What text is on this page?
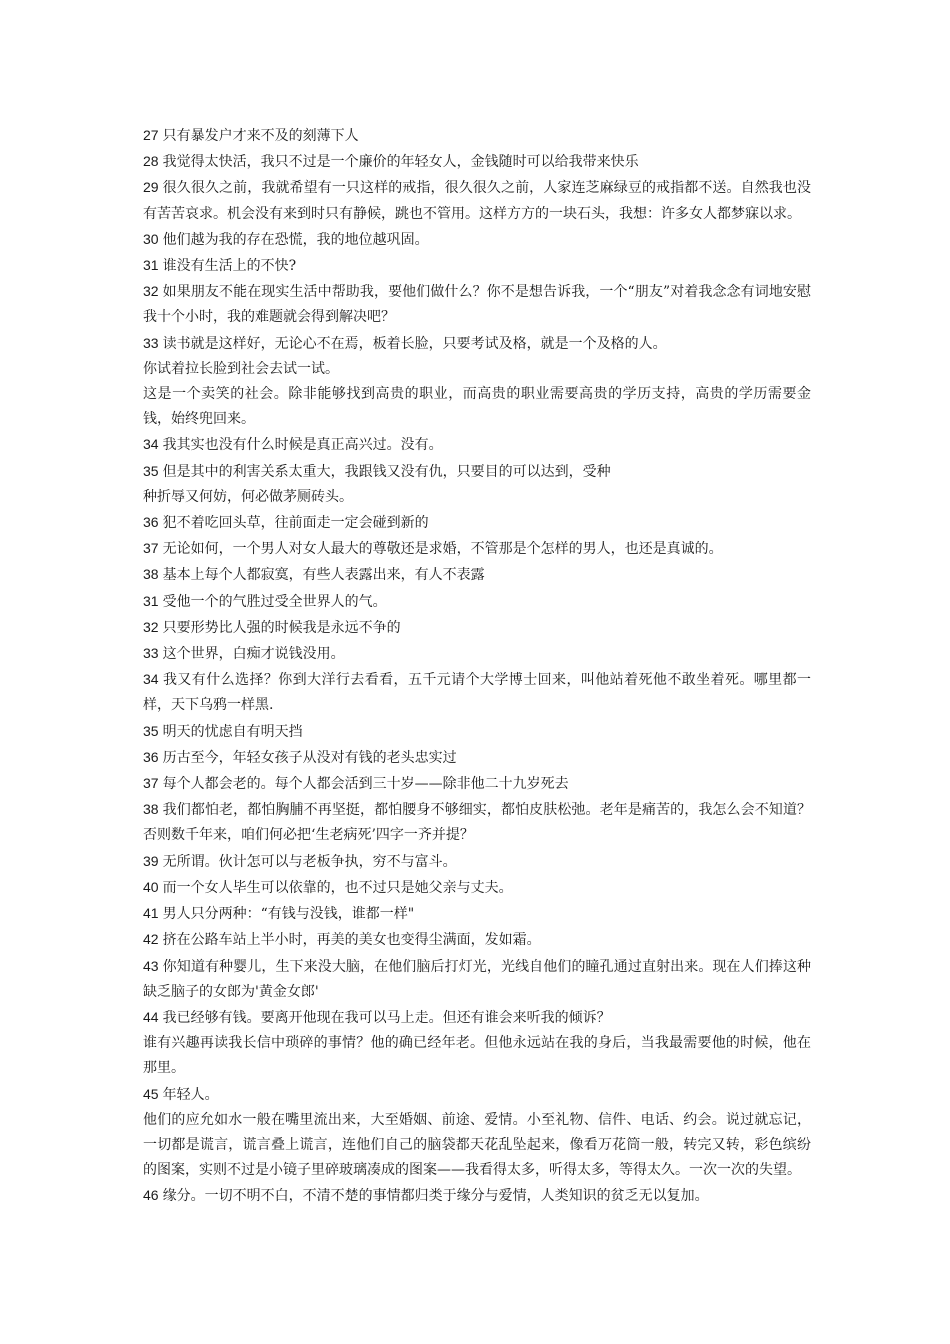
27 只有暴发户才来不及的刻薄下人

28 我觉得太快活，我只不过是一个廉价的年轻女人，金钱随时可以给我带来快乐

29 很久很久之前，我就希望有一只这样的戒指，很久很久之前，人家连芝麻绿豆的戒指都不送。自然我也没有苦苦哀求。机会没有来到时只有静候，跳也不管用。这样方方的一块石头，我想：许多女人都梦寐以求。

30 他们越为我的存在恐慌，我的地位越巩固。

31 谁没有生活上的不快?

32 如果朋友不能在现实生活中帮助我，要他们做什么？你不是想告诉我，一个“朋友”对着我念念有词地安慰我十个小时，我的难题就会得到解决吧？

33 读书就是这样好，无论心不在焉，板着长脸，只要考试及格，就是一个及格的人。

你试着拉长脸到社会去试一试。

这是一个卖笑的社会。除非能够找到高贵的职业，而高贵的职业需要高贵的学历支持，高贵的学历需要金钱，始终兜回来。

34 我其实也没有什么时候是真正高兴过。没有。

35 但是其中的利害关系太重大，我跟钱又没有仇，只要目的可以达到，受种

种折辱又何妨，何必做茅厕砖头。

36 犯不着吃回头草，往前面走一定会碰到新的

37 无论如何，一个男人对女人最大的尊敬还是求婚，不管那是个怎样的男人，也还是真诚的。

38 基本上每个人都寂寞，有些人表露出来，有人不表露

31 受他一个的气胜过受全世界人的气。

32 只要形势比人强的时候我是永远不争的

33 这个世界，白痴才说钱没用。

34 我又有什么选择？你到大洋行去看看，五千元请个大学博士回来，叫他站着死他不敢坐着死。哪里都一样，天下乌鸦一样黑.

35 明天的忧虑自有明天挡

36 历古至今，年轻女孩子从没对有钱的老头忠实过

37 每个人都会老的。每个人都会活到三十岁——除非他二十九岁死去

38 我们都怕老，都怕胸脯不再坚挺，都怕腰身不够细实，都怕皮肤松弛。老年是痛苦的，我怎么会不知道？否则数千年来，咱们何必把‘生老病死’四字一齐并提？

39 无所谓。伙计怎可以与老板争执，穷不与富斗。

40 而一个女人毕生可以依靠的，也不过只是她父亲与丈夫。

41 男人只分两种：“有钱与没钱，谁都一样"

42 挤在公路车站上半小时，再美的美女也变得尘满面，发如霜。

43 你知道有种婴儿，生下来没大脑，在他们脑后打灯光，光线自他们的瞳孔通过直射出来。现在人们捧这种缺乏脑子的女郎为'黄金女郎'

44 我已经够有钱。要离开他现在我可以马上走。但还有谁会来听我的倾诉？

谁有兴趣再读我长信中琐碎的事情？他的确已经年老。但他永远站在我的身后，当我最需要他的时候，他在那里。

45 年轻人。

他们的应允如水一般在嘴里流出来，大至婚姻、前途、爱情。小至礼物、信件、电话、约会。说过就忘记，一切都是谎言，谎言叠上谎言，连他们自己的脑袋都天花乱坠起来，像看万花筒一般，转完又转，彩色缤纷的图案，实则不过是小镜子里碎玻璃凑成的图案——我看得太多，听得太多，等得太久。一次一次的失望。

46 缘分。一切不明不白，不清不楚的事情都归类于缘分与爱情，人类知识的贫乏无以复加。
